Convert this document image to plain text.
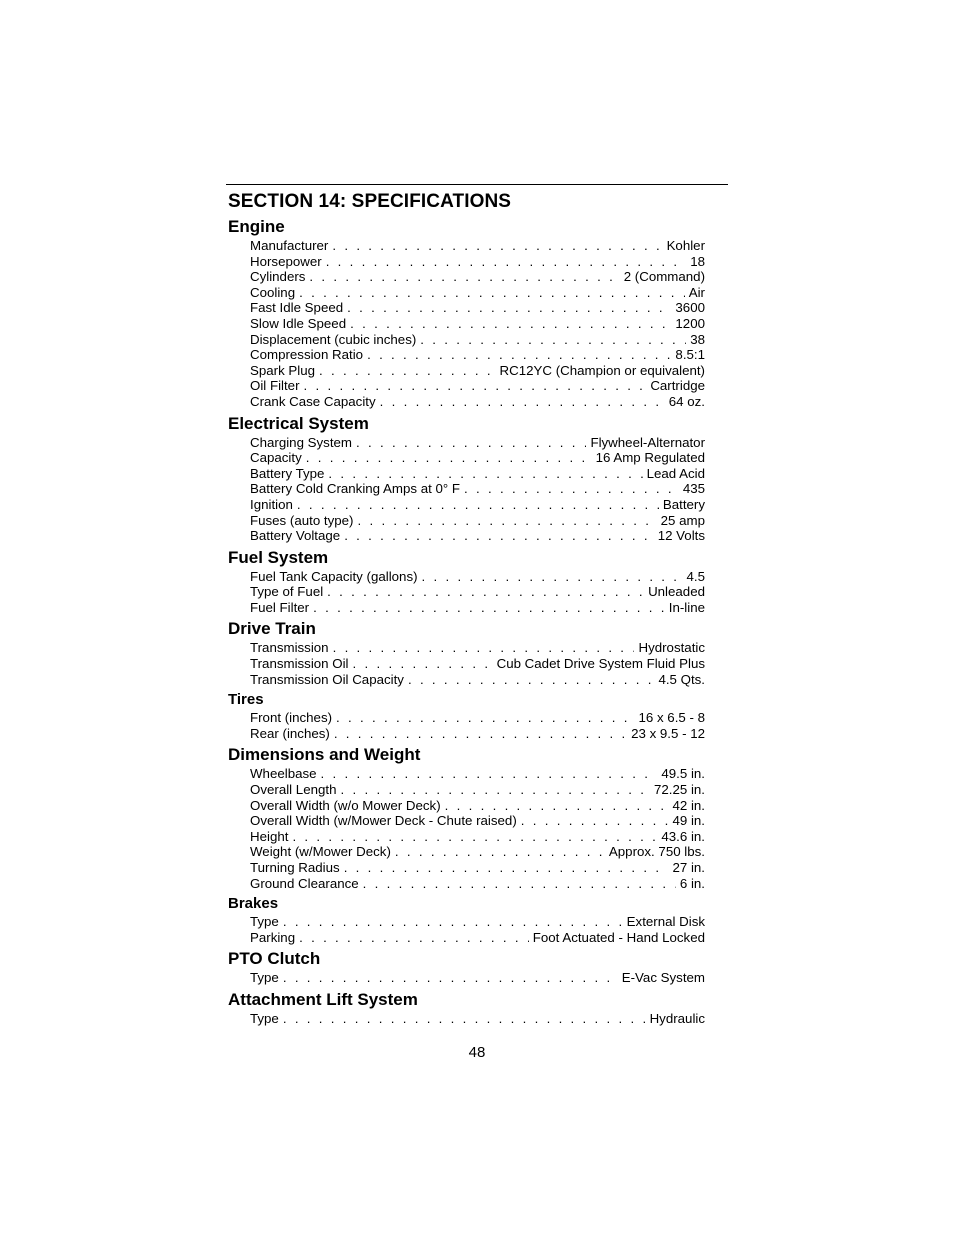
SECTION 14: SPECIFICATIONS
Engine
Manufacturer . . .	Kohler
Horsepower . . .	18
Cylinders . . .	2 (Command)
Cooling . . .	Air
Fast Idle Speed . . .	3600
Slow Idle Speed . . .	1200
Displacement (cubic inches) . . .	38
Compression Ratio . . .	8.5:1
Spark Plug . . .	RC12YC (Champion or equivalent)
Oil Filter . . .	Cartridge
Crank Case Capacity . . .	64 oz.
Electrical System
Charging System . . .	Flywheel-Alternator
Capacity . . .	16 Amp Regulated
Battery Type . . .	Lead Acid
Battery Cold Cranking Amps at 0° F . . .	435
Ignition . . .	Battery
Fuses (auto type) . . .	25 amp
Battery Voltage . . .	12 Volts
Fuel System
Fuel Tank Capacity (gallons) . . .	4.5
Type of Fuel . . .	Unleaded
Fuel Filter . . .	In-line
Drive Train
Transmission . . .	Hydrostatic
Transmission Oil . . .	Cub Cadet Drive System Fluid Plus
Transmission Oil Capacity . . .	4.5 Qts.
Tires
Front (inches) . . .	16 x 6.5 - 8
Rear (inches) . . .	23 x 9.5 - 12
Dimensions and Weight
Wheelbase . . .	49.5 in.
Overall Length . . .	72.25 in.
Overall Width (w/o Mower Deck) . . .	42 in.
Overall Width (w/Mower Deck - Chute raised) . . .	49 in.
Height . . .	43.6 in.
Weight (w/Mower Deck) . . .	Approx. 750 lbs.
Turning Radius . . .	27 in.
Ground Clearance . . .	6 in.
Brakes
Type . . .	External Disk
Parking . . .	Foot Actuated - Hand Locked
PTO Clutch
Type . . .	E-Vac System
Attachment Lift System
Type . . .	Hydraulic
48
